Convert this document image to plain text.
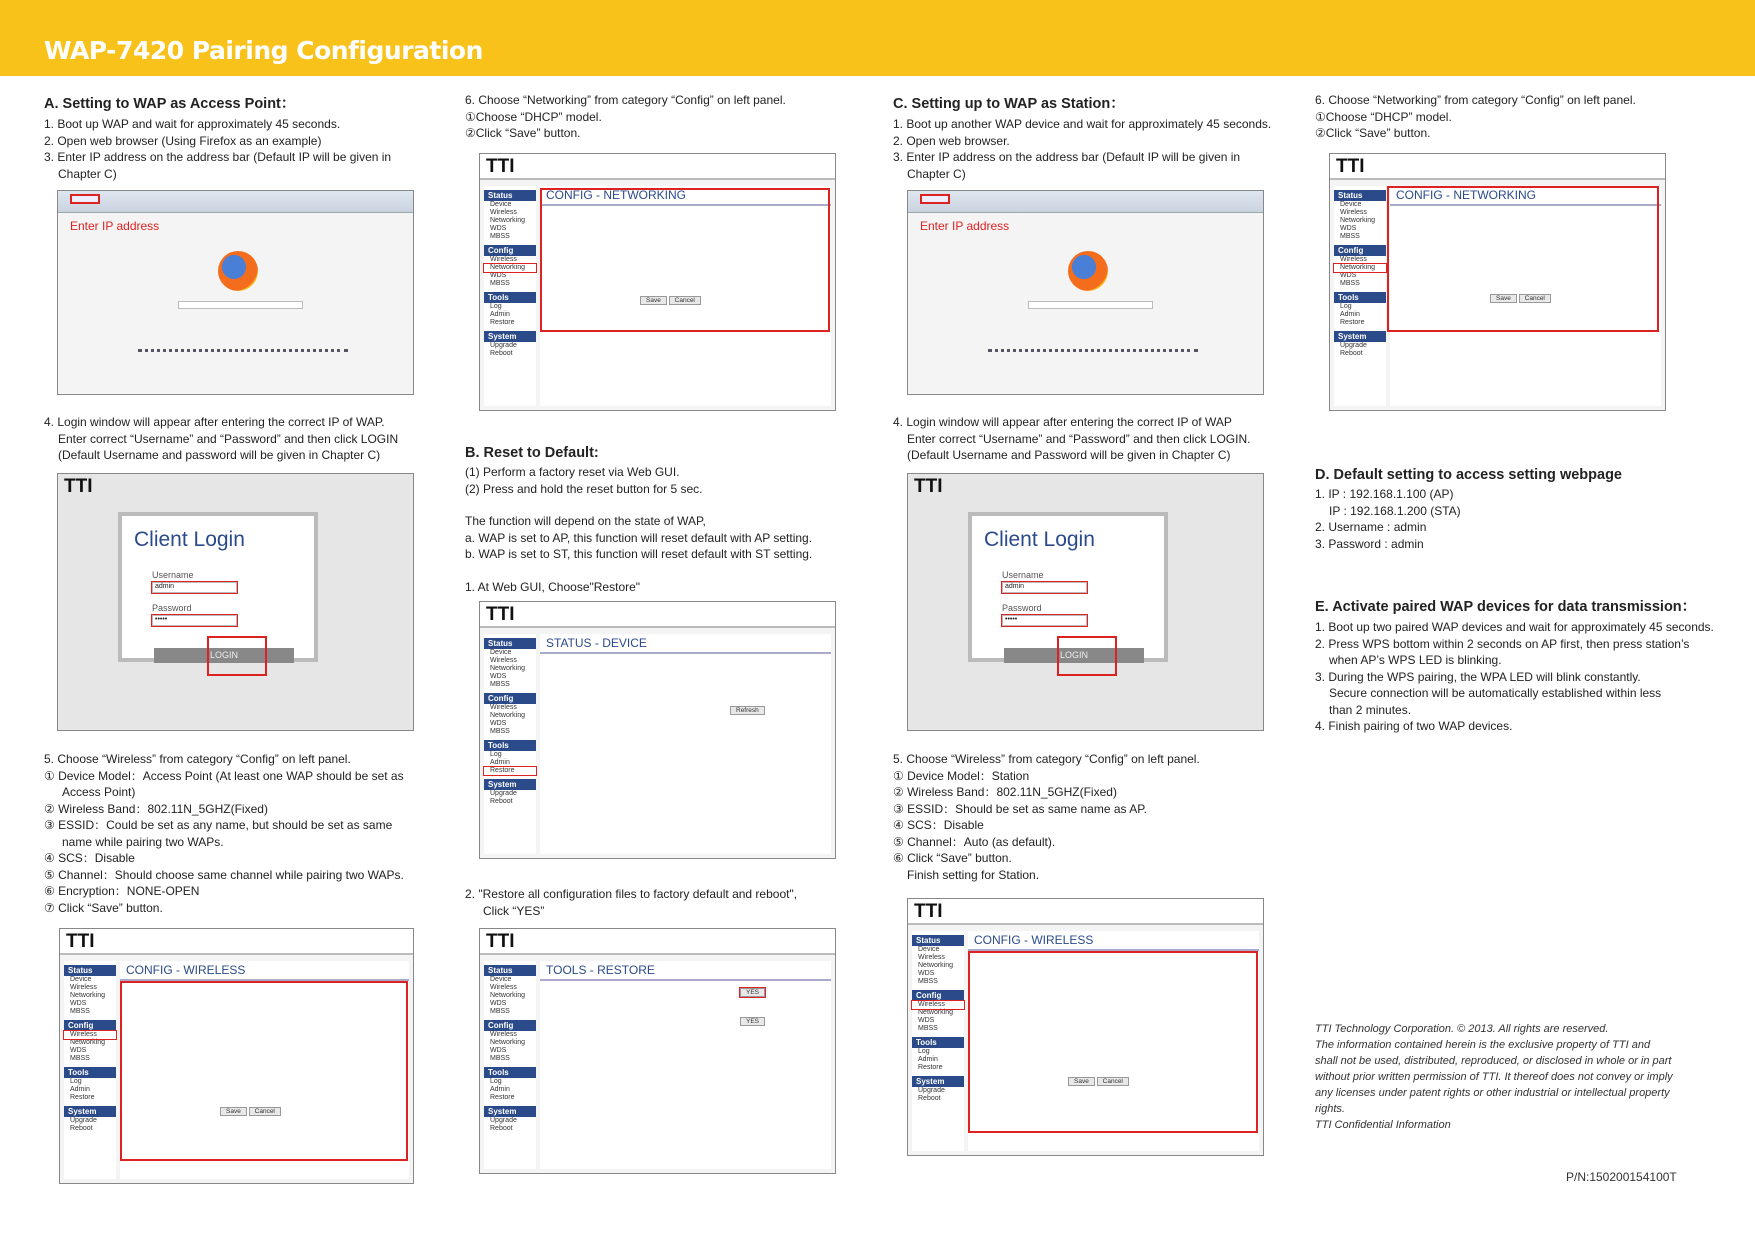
WAP-7420 Pairing Configuration
A. Setting to WAP as Access Point：
1. Boot up WAP and wait for approximately 45 seconds.
2. Open web browser (Using Firefox as an example)
3. Enter IP address on the address bar (Default IP will be given in
Chapter C)
Enter IP address
4. Login window will appear after entering the correct IP of WAP.
Enter correct “Username” and “Password” and then click LOGIN
(Default Username and password will be given in Chapter C)
TTI
Client Login
Username
admin
Password
•••••
LOGIN
5. Choose “Wireless” from category “Config” on left panel.
① Device Model：Access Point (At least one WAP should be set as
Access Point)
② Wireless Band：802.11N_5GHZ(Fixed)
③ ESSID：Could be set as any name, but should be set as same
name while pairing two WAPs.
④ SCS：Disable
⑤ Channel：Should choose same channel while pairing two WAPs.
⑥ Encryption：NONE-OPEN
⑦ Click “Save” button.
TTI
Status
Device
Wireless
Networking
WDS
MBSS
Config
Wireless
Networking
WDS
MBSS
Tools
Log
Admin
Restore
System
Upgrade
Reboot
CONFIG - WIRELESS
Save Cancel
6. Choose “Networking” from category “Config” on left panel.
①Choose “DHCP” model.
②Click “Save” button.
TTI
Status
Device
Wireless
Networking
WDS
MBSS
Config
Wireless
Networking
WDS
MBSS
Tools
Log
Admin
Restore
System
Upgrade
Reboot
CONFIG - NETWORKING
Save Cancel
B. Reset to Default:
(1) Perform a factory reset via Web GUI.
(2) Press and hold the reset button for 5 sec.
The function will depend on the state of WAP,
a. WAP is set to AP, this function will reset default with AP setting.
b. WAP is set to ST, this function will reset default with ST setting.
1. At Web GUI, Choose"Restore"
TTI
Status
Device
Wireless
Networking
WDS
MBSS
Config
Wireless
Networking
WDS
MBSS
Tools
Log
Admin
Restore
System
Upgrade
Reboot
STATUS - DEVICE
Refresh
2. "Restore all configuration files to factory default and reboot",
Click “YES”
TTI
Status
Device
Wireless
Networking
WDS
MBSS
Config
Wireless
Networking
WDS
MBSS
Tools
Log
Admin
Restore
System
Upgrade
Reboot
TOOLS - RESTORE
YES
YES
C. Setting up to WAP as Station：
1. Boot up another WAP device and wait for approximately 45 seconds.
2. Open web browser.
3. Enter IP address on the address bar (Default IP will be given in
Chapter C)
Enter IP address
4. Login window will appear after entering the correct IP of WAP
Enter correct “Username” and “Password” and then click LOGIN.
(Default Username and Password will be given in Chapter C)
TTI
Client Login
Username
admin
Password
•••••
LOGIN
5. Choose “Wireless” from category “Config” on left panel.
① Device Model：Station
② Wireless Band：802.11N_5GHZ(Fixed)
③ ESSID：Should be set as same name as AP.
④ SCS：Disable
⑤ Channel：Auto (as default).
⑥ Click “Save” button.
Finish setting for Station.
TTI
Status
Device
Wireless
Networking
WDS
MBSS
Config
Wireless
Networking
WDS
MBSS
Tools
Log
Admin
Restore
System
Upgrade
Reboot
CONFIG - WIRELESS
Save Cancel
6. Choose “Networking” from category “Config” on left panel.
①Choose “DHCP” model.
②Click “Save” button.
TTI
Status
Device
Wireless
Networking
WDS
MBSS
Config
Wireless
Networking
WDS
MBSS
Tools
Log
Admin
Restore
System
Upgrade
Reboot
CONFIG - NETWORKING
Save Cancel
D. Default setting to access setting webpage
1. IP : 192.168.1.100 (AP)
IP : 192.168.1.200 (STA)
2. Username : admin
3. Password : admin
E. Activate paired WAP devices for data transmission：
1. Boot up two paired WAP devices and wait for approximately 45 seconds.
2. Press WPS bottom within 2 seconds on AP first, then press station’s
when AP’s WPS LED is blinking.
3. During the WPS pairing, the WPA LED will blink constantly.
Secure connection will be automatically established within less
than 2 minutes.
4. Finish pairing of two WAP devices.
TTI Technology Corporation. © 2013. All rights are reserved.
The information contained herein is the exclusive property of TTI and
shall not be used, distributed, reproduced, or disclosed in whole or in part
without prior written permission of TTI. It thereof does not convey or imply
any licenses under patent rights or other industrial or intellectual property
rights.
TTI Confidential Information
P/N:150200154100T
